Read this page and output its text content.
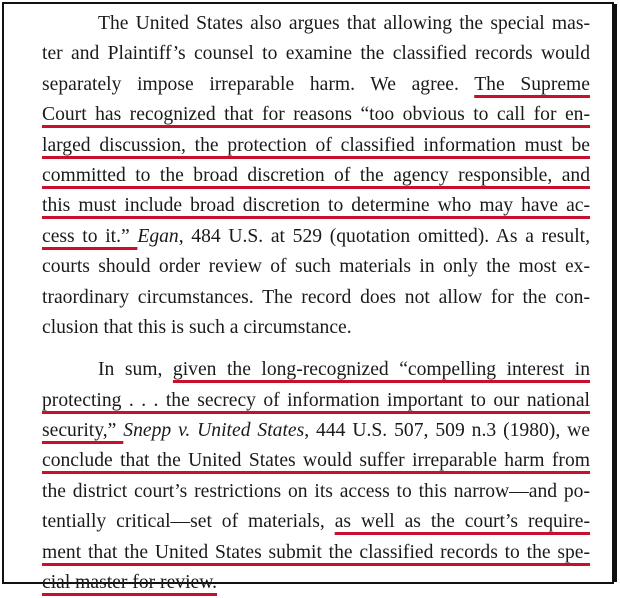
The United States also argues that allowing the special mas-
ter and Plaintiff’s counsel to examine the classified records would
separately impose irreparable harm. We agree. The Supreme
Court has recognized that for reasons “too obvious to call for en-
larged discussion, the protection of classified information must be
committed to the broad discretion of the agency responsible, and
this must include broad discretion to determine who may have ac-
cess to it.” Egan, 484 U.S. at 529 (quotation omitted). As a result,
courts should order review of such materials in only the most ex-
traordinary circumstances. The record does not allow for the con-
clusion that this is such a circumstance.
In sum, given the long-recognized “compelling interest in
protecting . . . the secrecy of information important to our national
security,” Snepp v. United States, 444 U.S. 507, 509 n.3 (1980), we
conclude that the United States would suffer irreparable harm from
the district court’s restrictions on its access to this narrow—and po-
tentially critical—set of materials, as well as the court’s require-
ment that the United States submit the classified records to the spe-
cial master for review.
